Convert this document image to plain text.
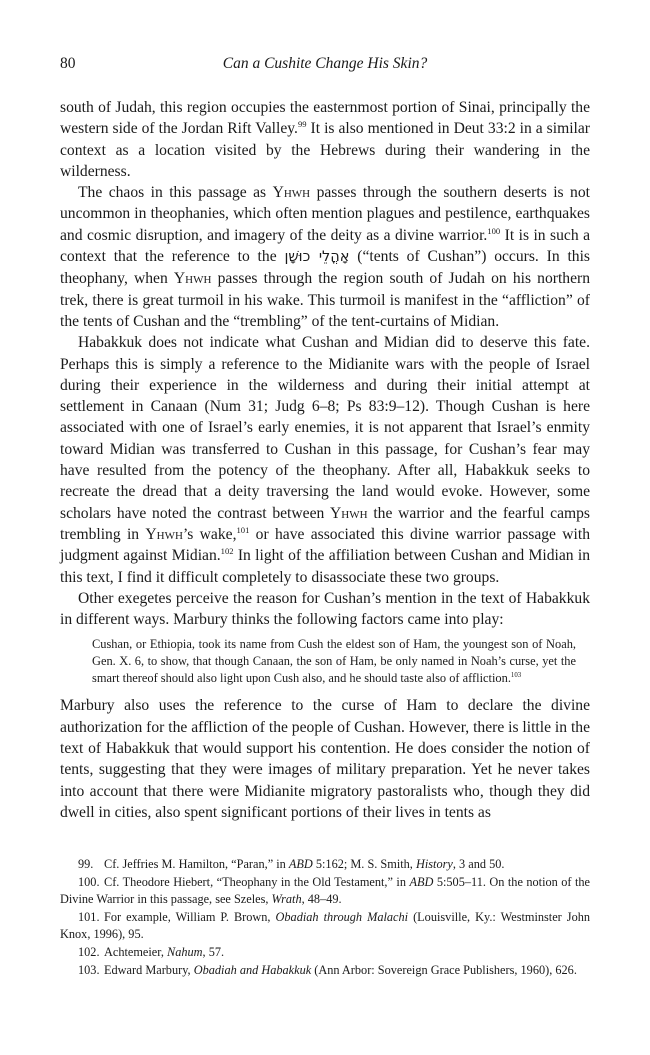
80	Can a Cushite Change His Skin?

south of Judah, this region occupies the easternmost portion of Sinai, principally the western side of the Jordan Rift Valley.$^{99}$ It is also mentioned in Deut 33:2 in a similar context as a location visited by the Hebrews during their wandering in the wilderness.

The chaos in this passage as Yhwh passes through the southern deserts is not uncommon in theophanies, which often mention plagues and pestilence, earthquakes and cosmic disruption, and imagery of the deity as a divine warrior.$^{100}$ It is in such a context that the reference to the אָהֳלֵי כוּשָׁן (“tents of Cushan”) occurs. In this theophany, when Yhwh passes through the region south of Judah on his northern trek, there is great turmoil in his wake. This turmoil is manifest in the “affliction” of the tents of Cushan and the “trembling” of the tent-curtains of Midian.

Habakkuk does not indicate what Cushan and Midian did to deserve this fate. Perhaps this is simply a reference to the Midianite wars with the people of Israel during their experience in the wilderness and during their initial attempt at settlement in Canaan (Num 31; Judg 6–8; Ps 83:9–12). Though Cushan is here associated with one of Israel’s early enemies, it is not apparent that Israel’s enmity toward Midian was transferred to Cushan in this passage, for Cushan’s fear may have resulted from the potency of the theophany. After all, Habakkuk seeks to recreate the dread that a deity traversing the land would evoke. However, some scholars have noted the contrast between Yhwh the warrior and the fearful camps trembling in Yhwh’s wake,$^{101}$ or have associated this divine warrior passage with judgment against Midian.$^{102}$ In light of the affiliation between Cushan and Midian in this text, I find it difficult completely to disassociate these two groups.

Other exegetes perceive the reason for Cushan’s mention in the text of Habakkuk in different ways. Marbury thinks the following factors came into play:

Cushan, or Ethiopia, took its name from Cush the eldest son of Ham, the youngest son of Noah, Gen. X. 6, to show, that though Canaan, the son of Ham, be only named in Noah’s curse, yet the smart thereof should also light upon Cush also, and he should taste also of affliction.$^{103}$

Marbury also uses the reference to the curse of Ham to declare the divine authorization for the affliction of the people of Cushan. However, there is little in the text of Habakkuk that would support his contention. He does consider the notion of tents, suggesting that they were images of military preparation. Yet he never takes into account that there were Midianite migratory pastoralists who, though they did dwell in cities, also spent significant portions of their lives in tents as

99. Cf. Jeffries M. Hamilton, “Paran,” in ABD 5:162; M. S. Smith, History, 3 and 50.

100. Cf. Theodore Hiebert, “Theophany in the Old Testament,” in ABD 5:505–11. On the notion of the Divine Warrior in this passage, see Szeles, Wrath, 48–49.

101. For example, William P. Brown, Obadiah through Malachi (Louisville, Ky.: Westminster John Knox, 1996), 95.

102. Achtemeier, Nahum, 57.

103. Edward Marbury, Obadiah and Habakkuk (Ann Arbor: Sovereign Grace Publishers, 1960), 626.
